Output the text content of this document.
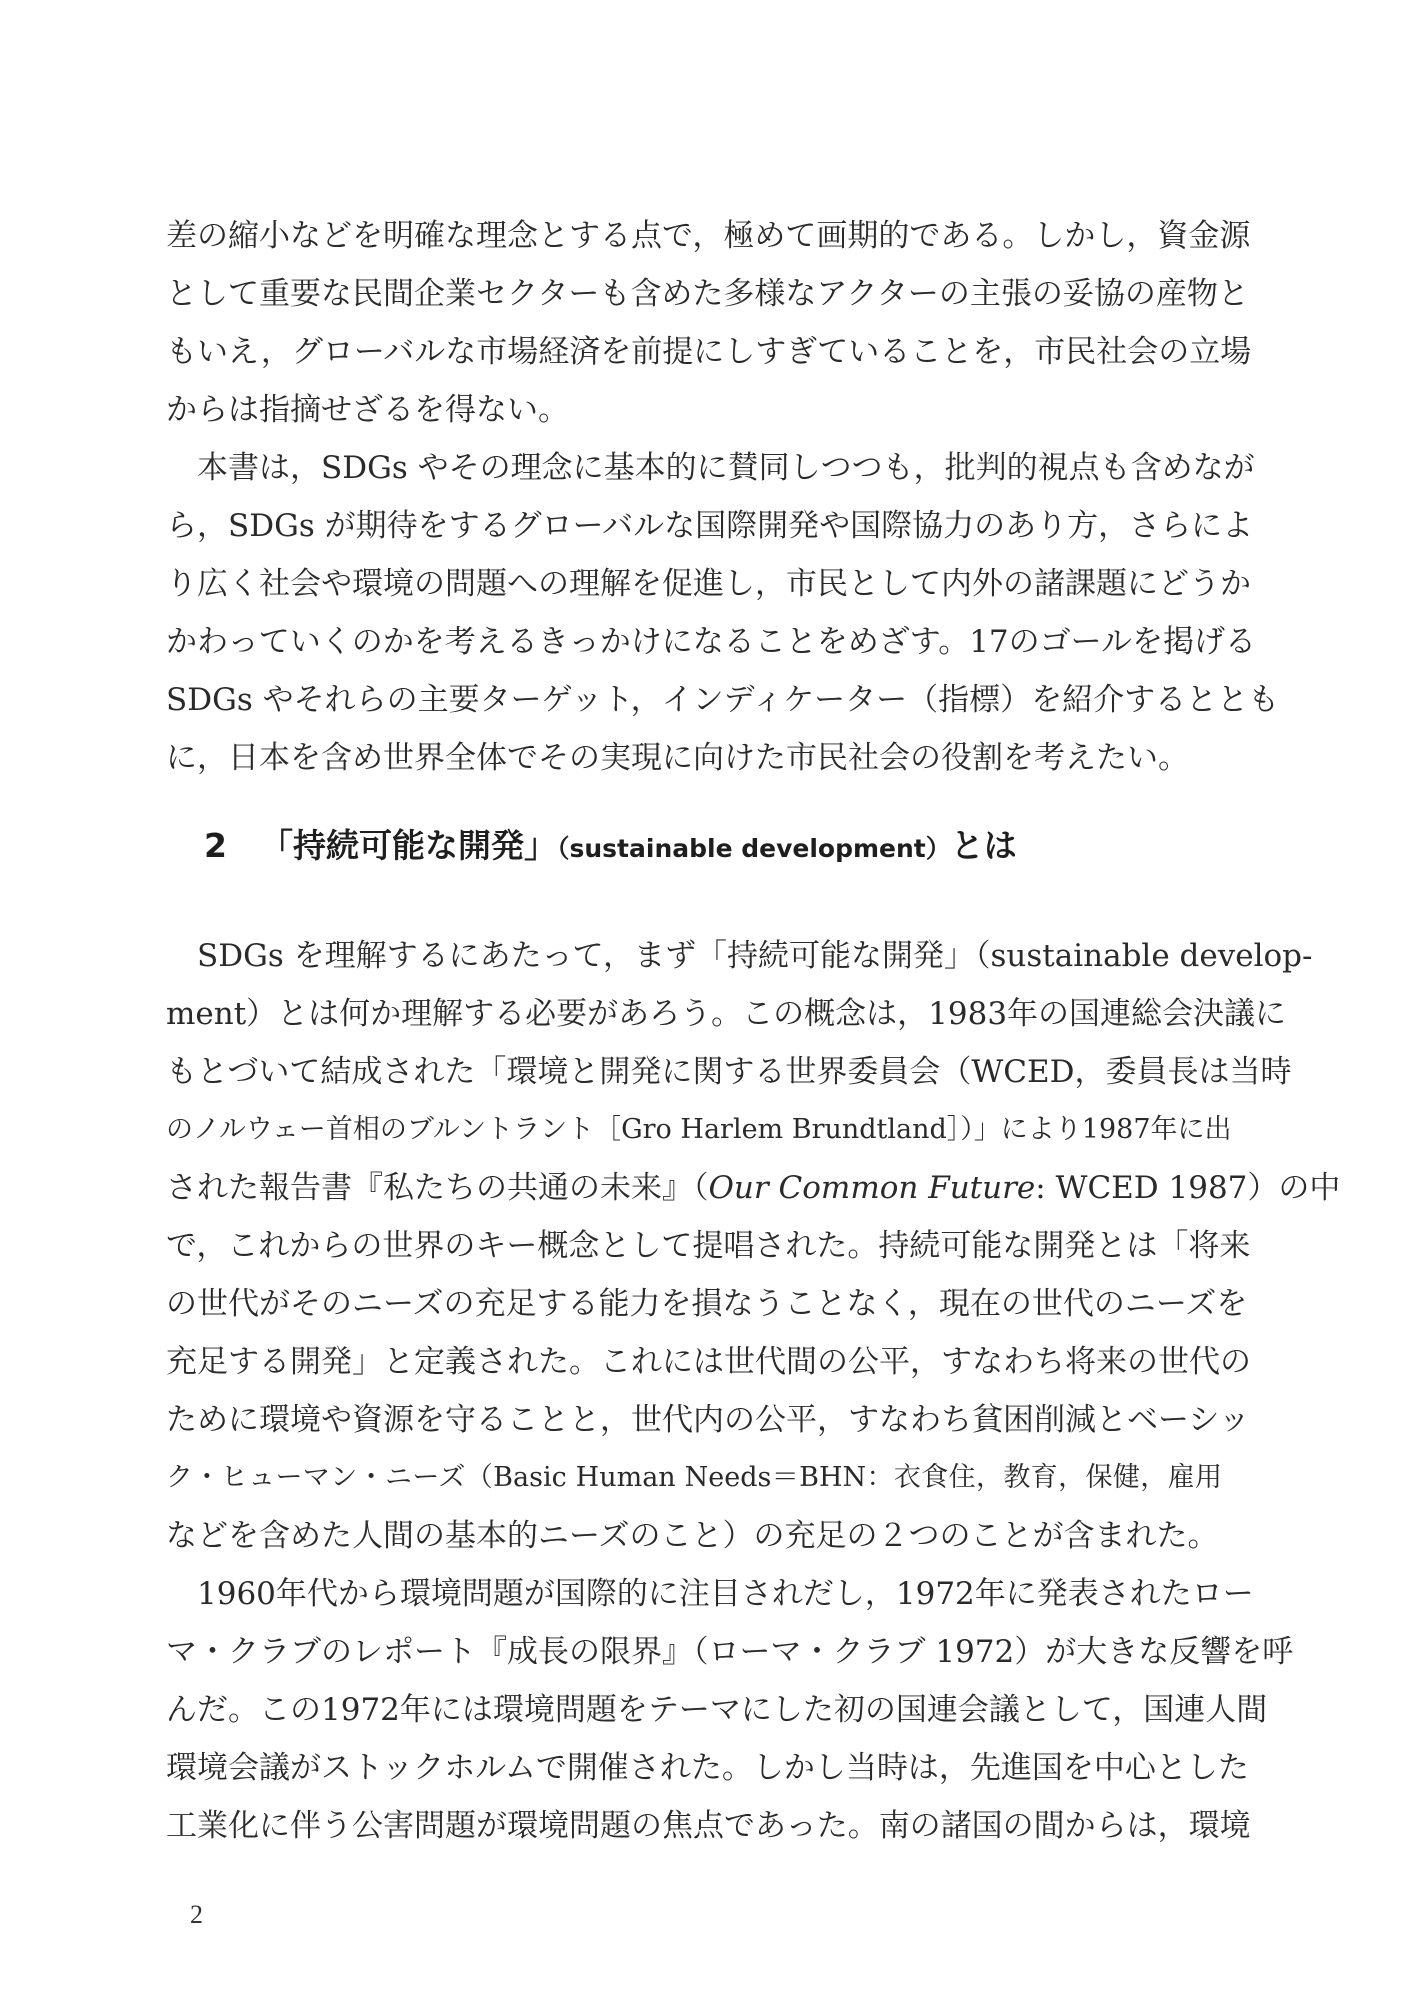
差の縮小などを明確な理念とする点で，極めて画期的である。しかし，資金源
として重要な民間企業セクターも含めた多様なアクターの主張の妥協の産物と
もいえ，グローバルな市場経済を前提にしすぎていることを，市民社会の立場
からは指摘せざるを得ない。
　本書は，SDGs やその理念に基本的に賛同しつつも，批判的視点も含めなが
ら，SDGs が期待をするグローバルな国際開発や国際協力のあり方，さらによ
り広く社会や環境の問題への理解を促進し，市民として内外の諸課題にどうか
かわっていくのかを考えるきっかけになることをめざす。17のゴールを掲げる
SDGs やそれらの主要ターゲット，インディケーター（指標）を紹介するととも
に，日本を含め世界全体でその実現に向けた市民社会の役割を考えたい。
2 「持続可能な開発」（sustainable development）とは
　SDGs を理解するにあたって，まず「持続可能な開発」（sustainable develop-
ment）とは何か理解する必要があろう。この概念は，1983年の国連総会決議に
もとづいて結成された「環境と開発に関する世界委員会（WCED，委員長は当時
のノルウェー首相のブルントラント［Gro Harlem Brundtland］）」により1987年に出
された報告書『私たちの共通の未来』（Our Common Future: WCED 1987）の中
で，これからの世界のキー概念として提唱された。持続可能な開発とは「将来
の世代がそのニーズの充足する能力を損なうことなく，現在の世代のニーズを
充足する開発」と定義された。これには世代間の公平，すなわち将来の世代の
ために環境や資源を守ることと，世代内の公平，すなわち貧困削減とベーシッ
ク・ヒューマン・ニーズ（Basic Human Needs＝BHN：衣食住，教育，保健，雇用
などを含めた人間の基本的ニーズのこと）の充足の２つのことが含まれた。
　1960年代から環境問題が国際的に注目されだし，1972年に発表されたロー
マ・クラブのレポート『成長の限界』（ローマ・クラブ 1972）が大きな反響を呼
んだ。この1972年には環境問題をテーマにした初の国連会議として，国連人間
環境会議がストックホルムで開催された。しかし当時は，先進国を中心とした
工業化に伴う公害問題が環境問題の焦点であった。南の諸国の間からは，環境
2
